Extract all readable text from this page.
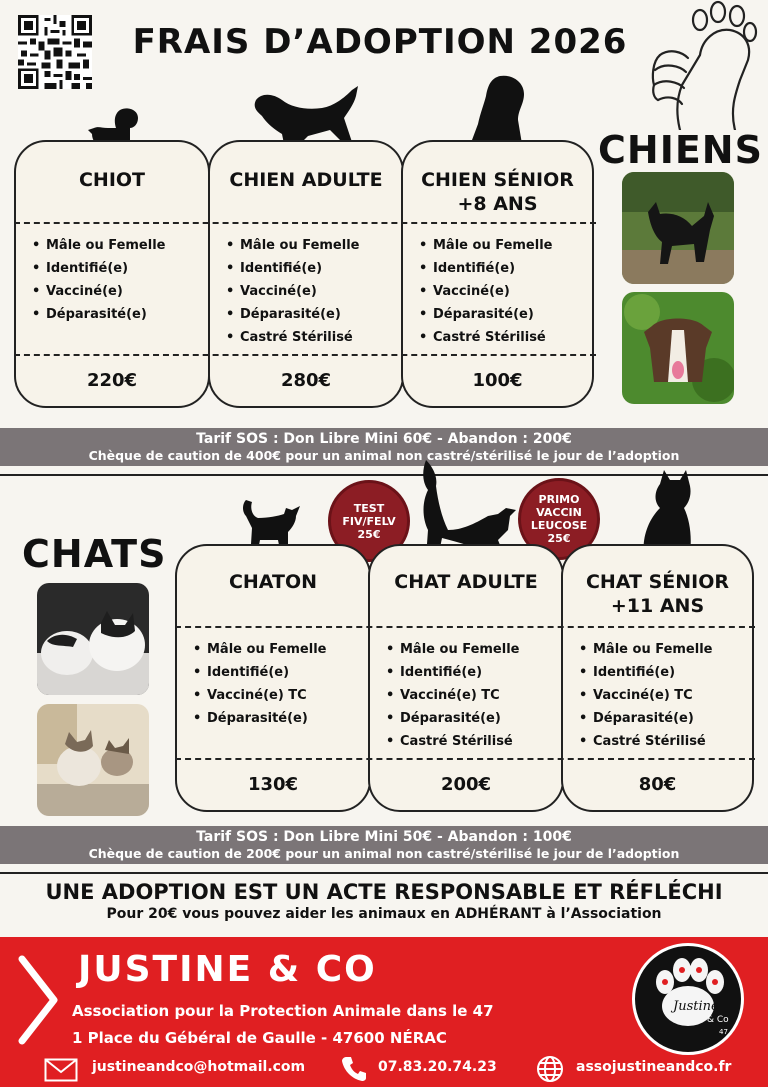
FRAIS D’ADOPTION 2026
CHIENS
CHIOT
• Mâle ou Femelle
• Identifié(e)
• Vacciné(e)
• Déparasité(e)
220€
CHIEN ADULTE
• Mâle ou Femelle
• Identifié(e)
• Vacciné(e)
• Déparasité(e)
• Castré Stérilisé
280€
CHIEN SÉNIOR
+8 ANS
• Mâle ou Femelle
• Identifié(e)
• Vacciné(e)
• Déparasité(e)
• Castré Stérilisé
100€
Tarif SOS : Don Libre Mini 60€ - Abandon : 200€
Chèque de caution de 400€ pour un animal non castré/stérilisé le jour de l’adoption
CHATS
TEST
FIV/FELV
25€
PRIMO
VACCIN
LEUCOSE
25€
CHATON
• Mâle ou Femelle
• Identifié(e)
• Vacciné(e) TC
• Déparasité(e)
130€
CHAT ADULTE
• Mâle ou Femelle
• Identifié(e)
• Vacciné(e) TC
• Déparasité(e)
• Castré Stérilisé
200€
CHAT SÉNIOR
+11 ANS
• Mâle ou Femelle
• Identifié(e)
• Vacciné(e) TC
• Déparasité(e)
• Castré Stérilisé
80€
Tarif SOS : Don Libre Mini 50€ - Abandon : 100€
Chèque de caution de 200€ pour un animal non castré/stérilisé le jour de l’adoption
UNE ADOPTION EST UN ACTE RESPONSABLE ET RÉFLÉCHI
Pour 20€ vous pouvez aider les animaux en ADHÉRANT à l’Association
JUSTINE & CO
Association pour la Protection Animale dans le 47
1 Place du Gébéral de Gaulle - 47600 NÉRAC
justineandco@hotmail.com	07.83.20.74.23	assojustineandco.fr
Justine
& Co
47
